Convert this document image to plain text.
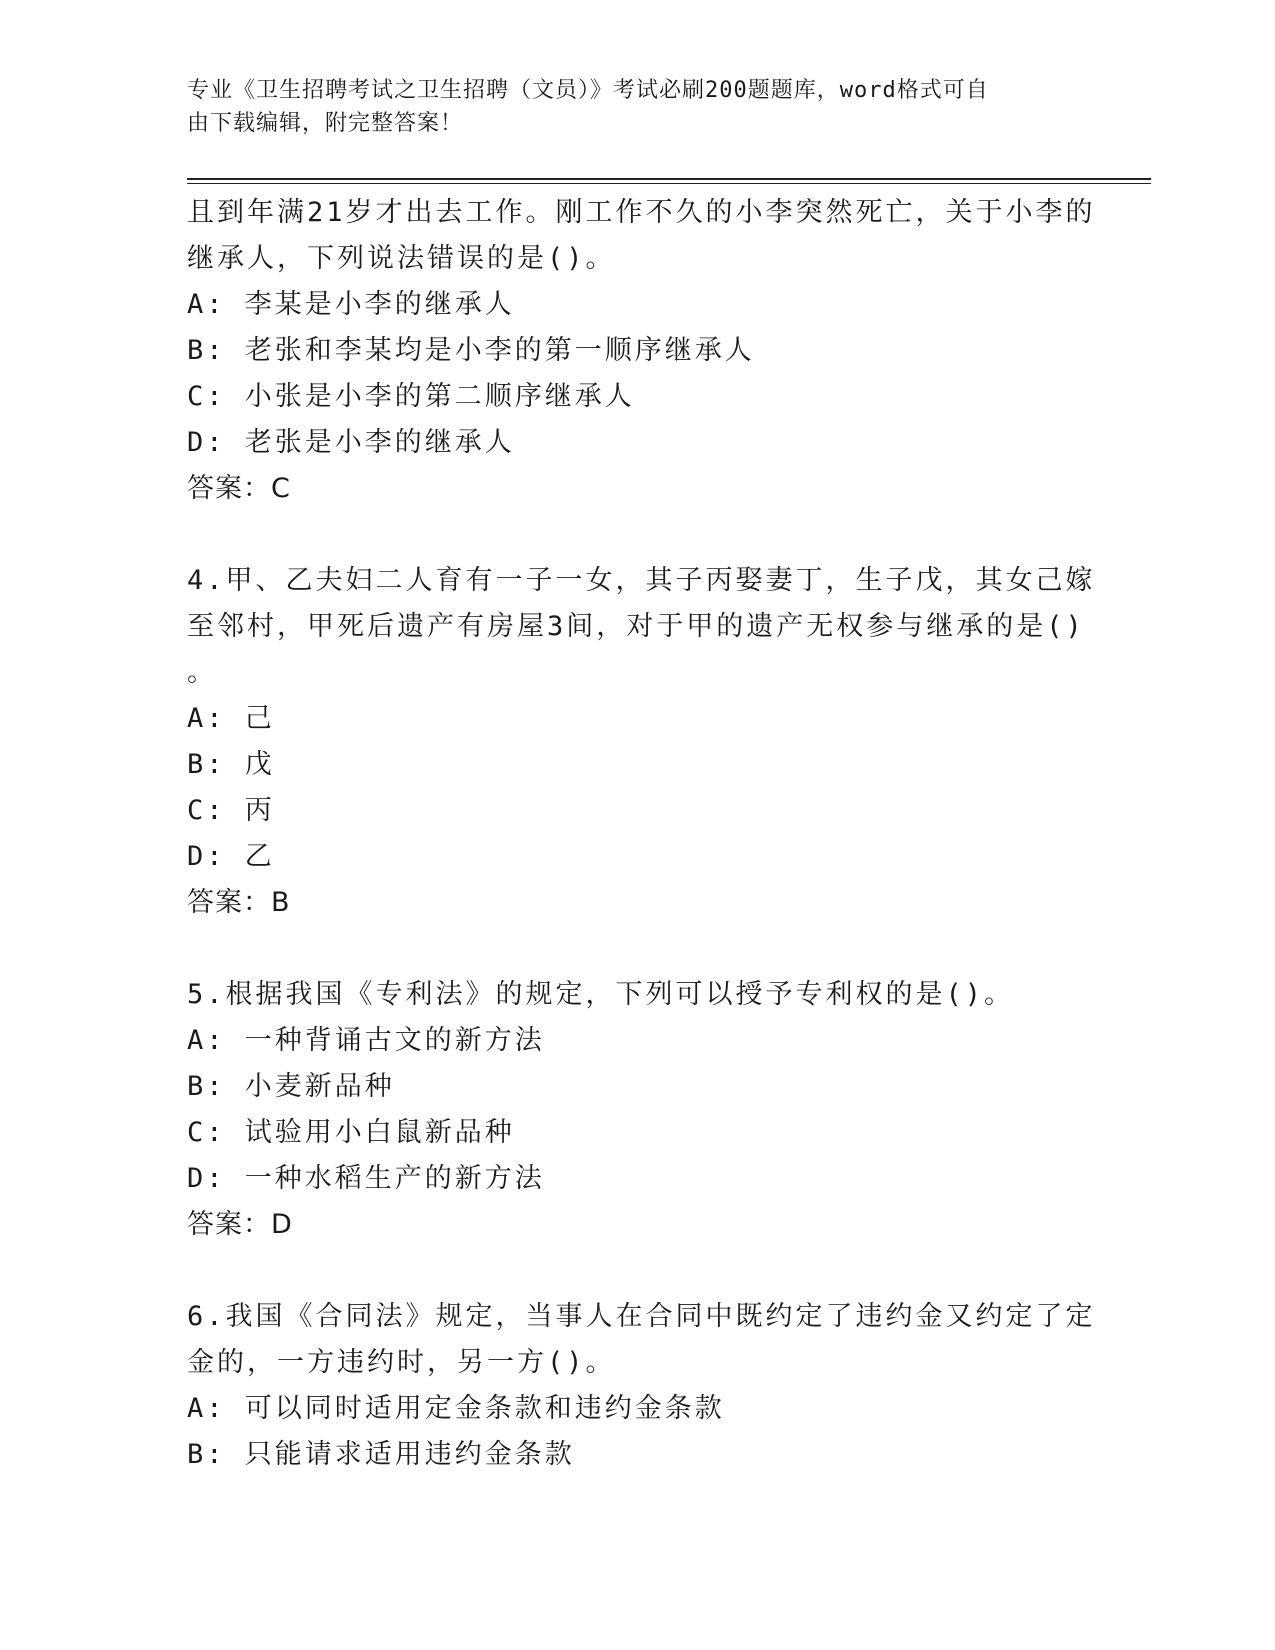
专业《卫生招聘考试之卫生招聘（文员）》考试必刷200题题库，word格式可自
由下载编辑，附完整答案！
且到年满21岁才出去工作。刚工作不久的小李突然死亡，关于小李的
继承人，下列说法错误的是()。
A: 李某是小李的继承人
B: 老张和李某均是小李的第一顺序继承人
C: 小张是小李的第二顺序继承人
D: 老张是小李的继承人
答案：C
4.甲、乙夫妇二人育有一子一女，其子丙娶妻丁，生子戊，其女己嫁
至邻村，甲死后遗产有房屋3间，对于甲的遗产无权参与继承的是()
。
A: 己
B: 戊
C: 丙
D: 乙
答案：B
5.根据我国《专利法》的规定，下列可以授予专利权的是()。
A: 一种背诵古文的新方法
B: 小麦新品种
C: 试验用小白鼠新品种
D: 一种水稻生产的新方法
答案：D
6.我国《合同法》规定，当事人在合同中既约定了违约金又约定了定
金的，一方违约时，另一方()。
A: 可以同时适用定金条款和违约金条款
B: 只能请求适用违约金条款
